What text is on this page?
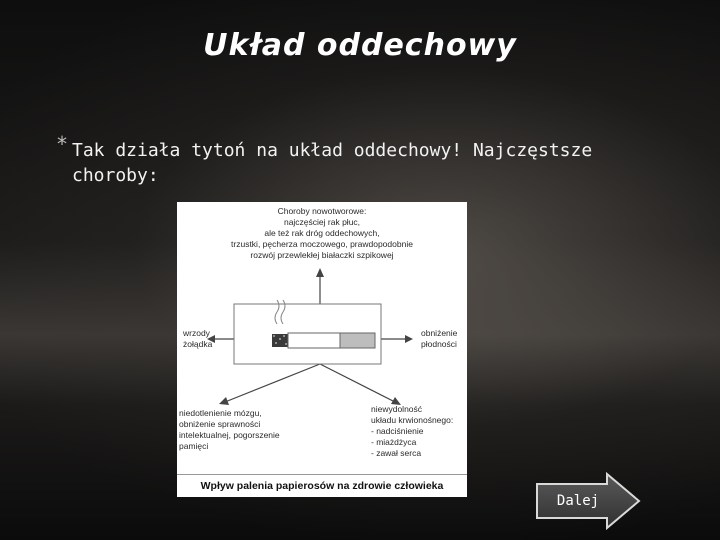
Układ oddechowy
* Tak działa tytoń na układ oddechowy! Najczęstsze
choroby:
Choroby nowotworowe:
najczęściej rak płuc,
ale też rak dróg oddechowych,
trzustki, pęcherza moczowego, prawdopodobnie
rozwój przewlekłej białaczki szpikowej
wrzody
żołądka
obniżenie
płodności
niedotlenienie mózgu,
obniżenie sprawności
intelektualnej, pogorszenie
pamięci
niewydolność
układu krwionośnego:
- nadciśnienie
- miażdżyca
- zawał serca
Wpływ palenia papierosów na zdrowie człowieka
Dalej
